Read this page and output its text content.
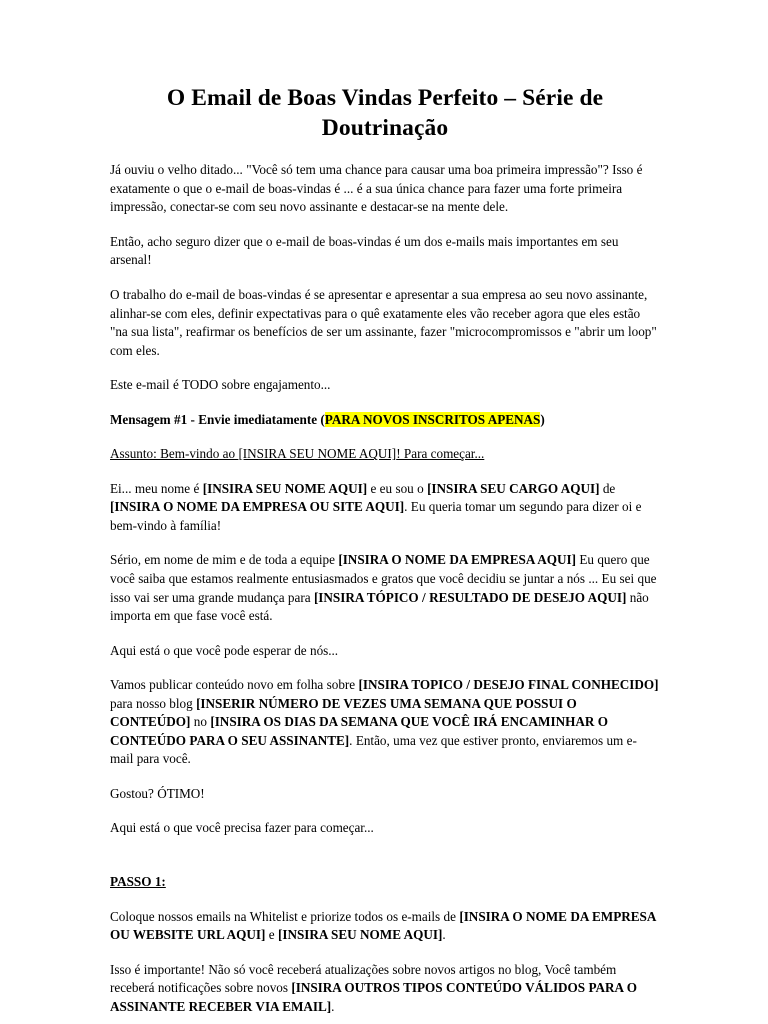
O Email de Boas Vindas Perfeito – Série de Doutrinação

Já ouviu o velho ditado... "Você só tem uma chance para causar uma boa primeira impressão"? Isso é exatamente o que o e-mail de boas-vindas é ... é a sua única chance para fazer uma forte primeira impressão, conectar-se com seu novo assinante e destacar-se na mente dele.

Então, acho seguro dizer que o e-mail de boas-vindas é um dos e-mails mais importantes em seu arsenal!

O trabalho do e-mail de boas-vindas é se apresentar e apresentar a sua empresa ao seu novo assinante, alinhar-se com eles, definir expectativas para o quê exatamente eles vão receber agora que eles estão "na sua lista", reafirmar os benefícios de ser um assinante, fazer "microcompromissos e "abrir um loop" com eles.

Este e-mail é TODO sobre engajamento...

Mensagem #1 - Envie imediatamente (PARA NOVOS INSCRITOS APENAS)

Assunto: Bem-vindo ao [INSIRA SEU NOME AQUI]! Para começar...

Ei... meu nome é [INSIRA SEU NOME AQUI] e eu sou o [INSIRA SEU CARGO AQUI] de [INSIRA O NOME DA EMPRESA OU SITE AQUI]. Eu queria tomar um segundo para dizer oi e bem-vindo à família!

Sério, em nome de mim e de toda a equipe [INSIRA O NOME DA EMPRESA AQUI] Eu quero que você saiba que estamos realmente entusiasmados e gratos que você decidiu se juntar a nós ... Eu sei que isso vai ser uma grande mudança para [INSIRA TÓPICO / RESULTADO DE DESEJO AQUI] não importa em que fase você está.

Aqui está o que você pode esperar de nós...

Vamos publicar conteúdo novo em folha sobre [INSIRA TOPICO / DESEJO FINAL CONHECIDO] para nosso blog [INSERIR NÚMERO DE VEZES UMA SEMANA QUE POSSUI O CONTEÚDO] no [INSIRA OS DIAS DA SEMANA QUE VOCÊ IRÁ ENCAMINHAR O CONTEÚDO PARA O SEU ASSINANTE]. Então, uma vez que estiver pronto, enviaremos um e-mail para você.

Gostou? ÓTIMO!

Aqui está o que você precisa fazer para começar...

PASSO 1:

Coloque nossos emails na Whitelist e priorize todos os e-mails de [INSIRA O NOME DA EMPRESA OU WEBSITE URL AQUI] e [INSIRA SEU NOME AQUI].

Isso é importante! Não só você receberá atualizações sobre novos artigos no blog, Você também receberá notificações sobre novos [INSIRA OUTROS TIPOS CONTEÚDO VÁLIDOS PARA O ASSINANTE RECEBER VIA EMAIL].
